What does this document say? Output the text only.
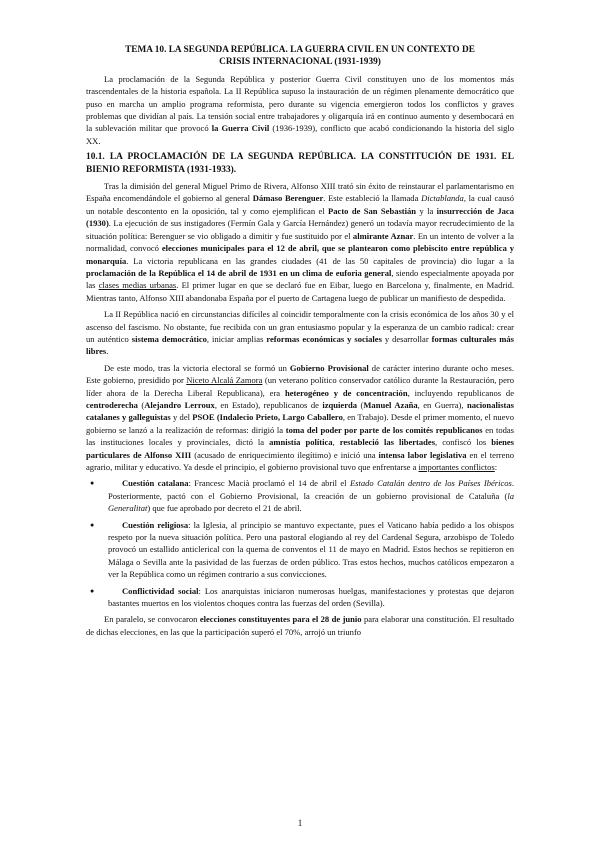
TEMA 10. LA SEGUNDA REPÚBLICA. LA GUERRA CIVIL EN UN CONTEXTO DE
CRISIS INTERNACIONAL (1931-1939)

La proclamación de la Segunda República y posterior Guerra Civil constituyen uno de los momentos más trascendentales de la historia española. La II República supuso la instauración de un régimen plenamente democrático que puso en marcha un amplio programa reformista, pero durante su vigencia emergieron todos los conflictos y graves problemas que dividían al país. La tensión social entre trabajadores y oligarquía irá en continuo aumento y desembocará en la sublevación militar que provocó la Guerra Civil (1936-1939), conflicto que acabó condicionando la historia del siglo XX.

10.1. LA PROCLAMACIÓN DE LA SEGUNDA REPÚBLICA. LA CONSTITUCIÓN DE 1931. EL BIENIO REFORMISTA (1931-1933).

Tras la dimisión del general Miguel Primo de Rivera, Alfonso XIII trató sin éxito de reinstaurar el parlamentarismo en España encomendándole el gobierno al general Dámaso Berenguer. Este estableció la llamada Dictablanda, la cual causó un notable descontento en la oposición, tal y como ejemplifican el Pacto de San Sebastián y la insurrección de Jaca (1930). La ejecución de sus instigadores (Fermín Gala y García Hernández) generó un todavía mayor recrudecimiento de la situación política: Berenguer se vio obligado a dimitir y fue sustituido por el almirante Aznar. En un intento de volver a la normalidad, convocó elecciones municipales para el 12 de abril, que se plantearon como plebiscito entre república y monarquía. La victoria republicana en las grandes ciudades (41 de las 50 capitales de provincia) dio lugar a la proclamación de la República el 14 de abril de 1931 en un clima de euforia general, siendo especialmente apoyada por las clases medias urbanas. El primer lugar en que se declaró fue en Eibar, luego en Barcelona y, finalmente, en Madrid. Mientras tanto, Alfonso XIII abandonaba España por el puerto de Cartagena luego de publicar un manifiesto de despedida.

La II República nació en circunstancias difíciles al coincidir temporalmente con la crisis económica de los años 30 y el ascenso del fascismo. No obstante, fue recibida con un gran entusiasmo popular y la esperanza de un cambio radical: crear un auténtico sistema democrático, iniciar amplias reformas económicas y sociales y desarrollar formas culturales más libres.

De este modo, tras la victoria electoral se formó un Gobierno Provisional de carácter interino durante ocho meses. Este gobierno, presidido por Niceto Alcalá Zamora (un veterano político conservador católico durante la Restauración, pero líder ahora de la Derecha Liberal Republicana), era heterogéneo y de concentración, incluyendo republicanos de centroderecha (Alejandro Lerroux, en Estado), republicanos de izquierda (Manuel Azaña, en Guerra), nacionalistas catalanes y galleguistas y del PSOE (Indalecio Prieto, Largo Caballero, en Trabajo). Desde el primer momento, el nuevo gobierno se lanzó a la realización de reformas: dirigió la toma del poder por parte de los comités republicanos en todas las instituciones locales y provinciales, dictó la amnistía política, restableció las libertades, confiscó los bienes particulares de Alfonso XIII (acusado de enriquecimiento ilegítimo) e inició una intensa labor legislativa en el terreno agrario, militar y educativo. Ya desde el principio, el gobierno provisional tuvo que enfrentarse a importantes conflictos:

●	Cuestión catalana: Francesc Macià proclamó el 14 de abril el Estado Catalán dentro de los Países Ibéricos. Posteriormente, pactó con el Gobierno Provisional, la creación de un gobierno provisional de Cataluña (la Generalitat) que fue aprobado por decreto el 21 de abril.

●	Cuestión religiosa: la Iglesia, al principio se mantuvo expectante, pues el Vaticano había pedido a los obispos respeto por la nueva situación política. Pero una pastoral elogiando al rey del Cardenal Segura, arzobispo de Toledo provocó un estallido anticlerical con la quema de conventos el 11 de mayo en Madrid. Estos hechos se repitieron en Málaga o Sevilla ante la pasividad de las fuerzas de orden público. Tras estos hechos, muchos católicos empezaron a ver la República como un régimen contrario a sus convicciones.

●	Conflictividad social: Los anarquistas iniciaron numerosas huelgas, manifestaciones y protestas que dejaron bastantes muertos en los violentos choques contra las fuerzas del orden (Sevilla).

En paralelo, se convocaron elecciones constituyentes para el 28 de junio para elaborar una constitución. El resultado de dichas elecciones, en las que la participación superó el 70%, arrojó un triunfo

1
